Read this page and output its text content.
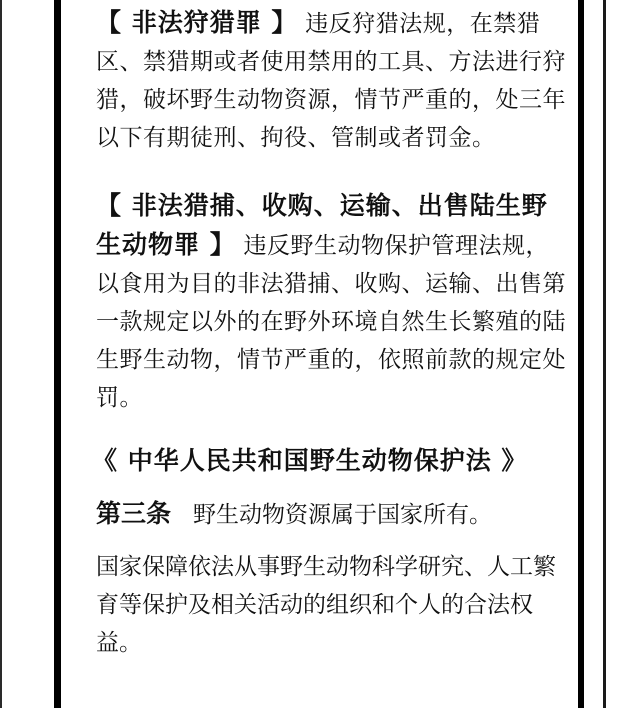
【 非法狩猎罪 】 违反狩猎法规，在禁猎区、禁猎期或者使用禁用的工具、方法进行狩猎，破坏野生动物资源，情节严重的，处三年以下有期徒刑、拘役、管制或者罚金。

【 非法猎捕、收购、运输、出售陆生野生动物罪 】 违反野生动物保护管理法规，以食用为目的非法猎捕、收购、运输、出售第一款规定以外的在野外环境自然生长繁殖的陆生野生动物，情节严重的，依照前款的规定处罚。

《 中华人民共和国野生动物保护法 》

第三条 野生动物资源属于国家所有。

国家保障依法从事野生动物科学研究、人工繁育等保护及相关活动的组织和个人的合法权益。
